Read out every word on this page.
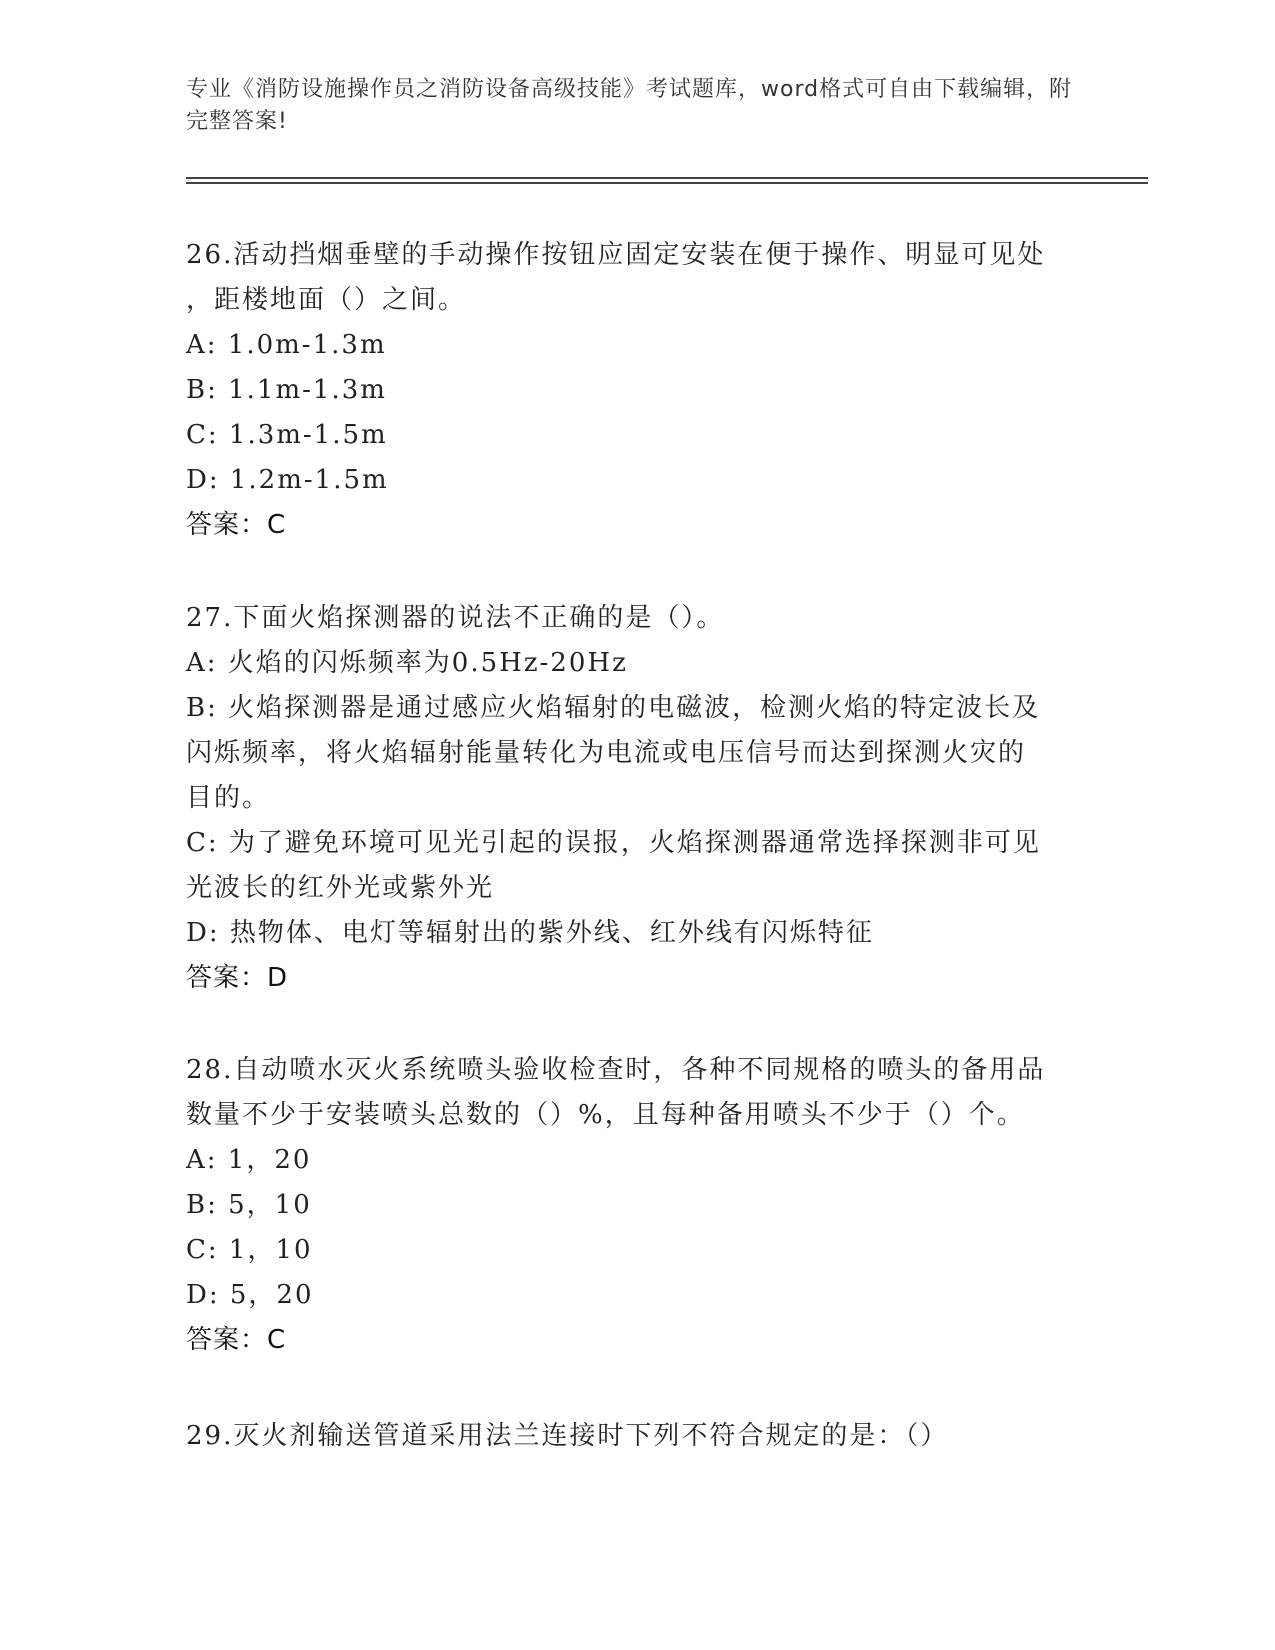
专业《消防设施操作员之消防设备高级技能》考试题库，word格式可自由下载编辑，附完整答案!
26.活动挡烟垂壁的手动操作按钮应固定安装在便于操作、明显可见处
，距楼地面（）之间。
A: 1.0m-1.3m
B: 1.1m-1.3m
C: 1.3m-1.5m
D: 1.2m-1.5m
答案：C
27.下面火焰探测器的说法不正确的是（）。
A: 火焰的闪烁频率为0.5Hz-20Hz
B: 火焰探测器是通过感应火焰辐射的电磁波，检测火焰的特定波长及
闪烁频率，将火焰辐射能量转化为电流或电压信号而达到探测火灾的
目的。
C: 为了避免环境可见光引起的误报，火焰探测器通常选择探测非可见
光波长的红外光或紫外光
D: 热物体、电灯等辐射出的紫外线、红外线有闪烁特征
答案：D
28.自动喷水灭火系统喷头验收检查时，各种不同规格的喷头的备用品
数量不少于安装喷头总数的（）%，且每种备用喷头不少于（）个。
A: 1，20
B: 5，10
C: 1，10
D: 5，20
答案：C
29.灭火剂输送管道采用法兰连接时下列不符合规定的是：（）
